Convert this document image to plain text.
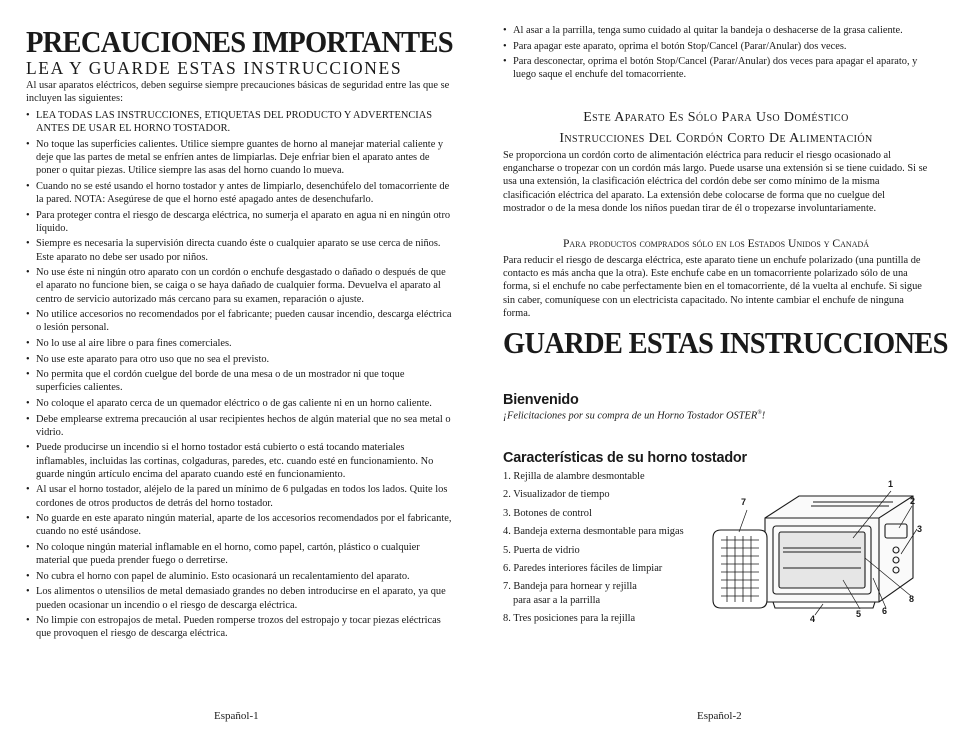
PRECAUCIONES IMPORTANTES
LEA Y GUARDE ESTAS INSTRUCCIONES

Al usar aparatos eléctricos, deben seguirse siempre precauciones básicas de seguridad entre las que se incluyen las siguientes:

• LEA TODAS LAS INSTRUCCIONES, ETIQUETAS DEL PRODUCTO Y ADVERTENCIAS ANTES DE USAR EL HORNO TOSTADOR.
• No toque las superficies calientes. Utilice siempre guantes de horno al manejar material caliente y deje que las partes de metal se enfríen antes de limpiarlas. Deje enfriar bien el aparato antes de poner o quitar piezas. Utilice siempre las asas del horno cuando lo mueva.
• Cuando no se esté usando el horno tostador y antes de limpiarlo, desenchúfelo del tomacorriente de la pared. NOTA: Asegúrese de que el horno esté apagado antes de desenchufarlo.
• Para proteger contra el riesgo de descarga eléctrica, no sumerja el aparato en agua ni en ningún otro líquido.
• Siempre es necesaria la supervisión directa cuando éste o cualquier aparato se use cerca de niños. Este aparato no debe ser usado por niños.
• No use éste ni ningún otro aparato con un cordón o enchufe desgastado o dañado o después de que el aparato no funcione bien, se caiga o se haya dañado de cualquier forma. Devuelva el aparato al centro de servicio autorizado más cercano para su examen, reparación o ajuste.
• No utilice accesorios no recomendados por el fabricante; pueden causar incendio, descarga eléctrica o lesión personal.
• No lo use al aire libre o para fines comerciales.
• No use este aparato para otro uso que no sea el previsto.
• No permita que el cordón cuelgue del borde de una mesa o de un mostrador ni que toque superficies calientes.
• No coloque el aparato cerca de un quemador eléctrico o de gas caliente ni en un horno caliente.
• Debe emplearse extrema precaución al usar recipientes hechos de algún material que no sea metal o vidrio.
• Puede producirse un incendio si el horno tostador está cubierto o está tocando materiales inflamables, incluidas las cortinas, colgaduras, paredes, etc. cuando esté en funcionamiento. No guarde ningún artículo encima del aparato cuando esté en funcionamiento.
• Al usar el horno tostador, aléjelo de la pared un mínimo de 6 pulgadas en todos los lados. Quite los cordones de otros productos de detrás del horno tostador.
• No guarde en este aparato ningún material, aparte de los accesorios recomendados por el fabricante, cuando no esté usándose.
• No coloque ningún material inflamable en el horno, como papel, cartón, plástico o cualquier material que pueda prender fuego o derretirse.
• No cubra el horno con papel de aluminio. Esto ocasionará un recalentamiento del aparato.
• Los alimentos o utensilios de metal demasiado grandes no deben introducirse en el aparato, ya que pueden ocasionar un incendio o el riesgo de descarga eléctrica.
• No limpie con estropajos de metal. Pueden romperse trozos del estropajo y tocar piezas eléctricas que provoquen el riesgo de descarga eléctrica.
Español-1
• Al asar a la parrilla, tenga sumo cuidado al quitar la bandeja o deshacerse de la grasa caliente.
• Para apagar este aparato, oprima el botón Stop/Cancel (Parar/Anular) dos veces.
• Para desconectar, oprima el botón Stop/Cancel (Parar/Anular) dos veces para apagar el aparato, y luego saque el enchufe del tomacorriente.
Este Aparato Es Sólo Para Uso Doméstico
Instrucciones Del Cordón Corto De Alimentación

Se proporciona un cordón corto de alimentación eléctrica para reducir el riesgo ocasionado al engancharse o tropezar con un cordón más largo. Puede usarse una extensión si se tiene cuidado. Si se usa una extensión, la clasificación eléctrica del cordón debe ser como mínimo de la misma clasificación eléctrica del aparato. La extensión debe colocarse de forma que no cuelgue del mostrador o de la mesa donde los niños puedan tirar de él o tropezarse involuntariamente.

Para productos comprados sólo en los Estados Unidos y Canadá

Para reducir el riesgo de descarga eléctrica, este aparato tiene un enchufe polarizado (una puntilla de contacto es más ancha que la otra). Este enchufe cabe en un tomacorriente polarizado sólo de una forma, si el enchufe no cabe perfectamente bien en el tomacorriente, dé la vuelta al enchufe. Si sigue sin caber, comuníquese con un electricista capacitado. No intente cambiar el enchufe de ninguna forma.

GUARDE ESTAS INSTRUCCIONES
Bienvenido
¡Felicitaciones por su compra de un Horno Tostador OSTER®!
Características de su horno tostador
1. Rejilla de alambre desmontable
2. Visualizador de tiempo
3. Botones de control
4. Bandeja externa desmontable para migas
5. Puerta de vidrio
6. Paredes interiores fáciles de limpiar
7. Bandeja para hornear y rejilla
para asar a la parrilla
8. Tres posiciones para la rejilla
1
2
3
4	5 6
7
8
Español-2
